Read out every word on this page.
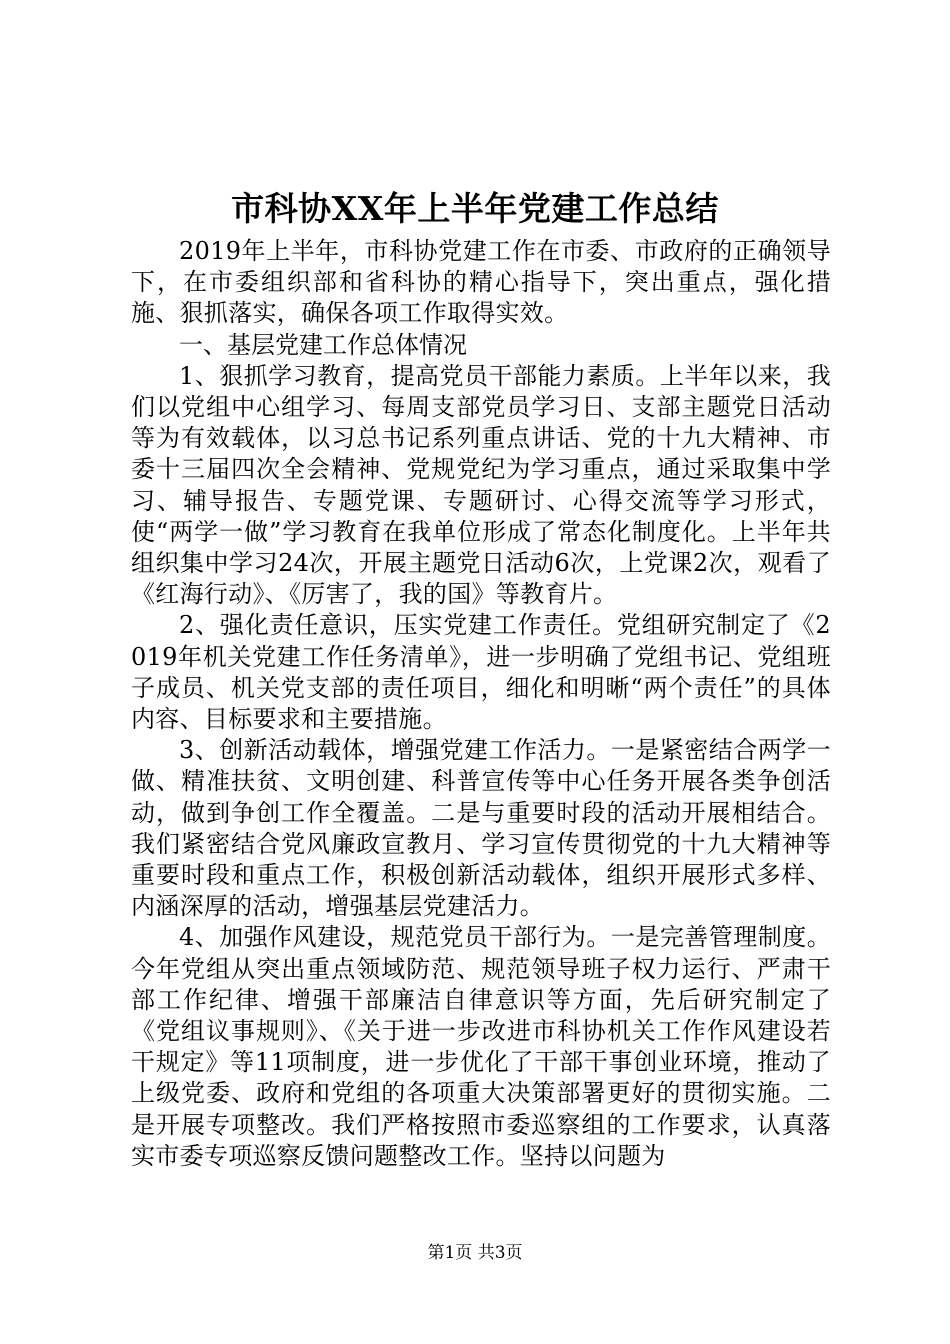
市科协XX年上半年党建工作总结

2019年上半年，市科协党建工作在市委、市政府的正确领导下，在市委组织部和省科协的精心指导下，突出重点，强化措施、狠抓落实，确保各项工作取得实效。

一、基层党建工作总体情况

1、狠抓学习教育，提高党员干部能力素质。上半年以来，我们以党组中心组学习、每周支部党员学习日、支部主题党日活动等为有效载体，以习总书记系列重点讲话、党的十九大精神、市委十三届四次全会精神、党规党纪为学习重点，通过采取集中学习、辅导报告、专题党课、专题研讨、心得交流等学习形式，使“两学一做”学习教育在我单位形成了常态化制度化。上半年共组织集中学习24次，开展主题党日活动6次，上党课2次，观看了《红海行动》、《厉害了，我的国》等教育片。

2、强化责任意识，压实党建工作责任。党组研究制定了《2019年机关党建工作任务清单》，进一步明确了党组书记、党组班子成员、机关党支部的责任项目，细化和明晰“两个责任”的具体内容、目标要求和主要措施。

3、创新活动载体，增强党建工作活力。一是紧密结合两学一做、精准扶贫、文明创建、科普宣传等中心任务开展各类争创活动，做到争创工作全覆盖。二是与重要时段的活动开展相结合。我们紧密结合党风廉政宣教月、学习宣传贯彻党的十九大精神等重要时段和重点工作，积极创新活动载体，组织开展形式多样、内涵深厚的活动，增强基层党建活力。

4、加强作风建设，规范党员干部行为。一是完善管理制度。今年党组从突出重点领域防范、规范领导班子权力运行、严肃干部工作纪律、增强干部廉洁自律意识等方面，先后研究制定了《党组议事规则》、《关于进一步改进市科协机关工作作风建设若干规定》等11项制度，进一步优化了干部干事创业环境，推动了上级党委、政府和党组的各项重大决策部署更好的贯彻实施。二是开展专项整改。我们严格按照市委巡察组的工作要求，认真落实市委专项巡察反馈问题整改工作。坚持以问题为

第1页 共3页
